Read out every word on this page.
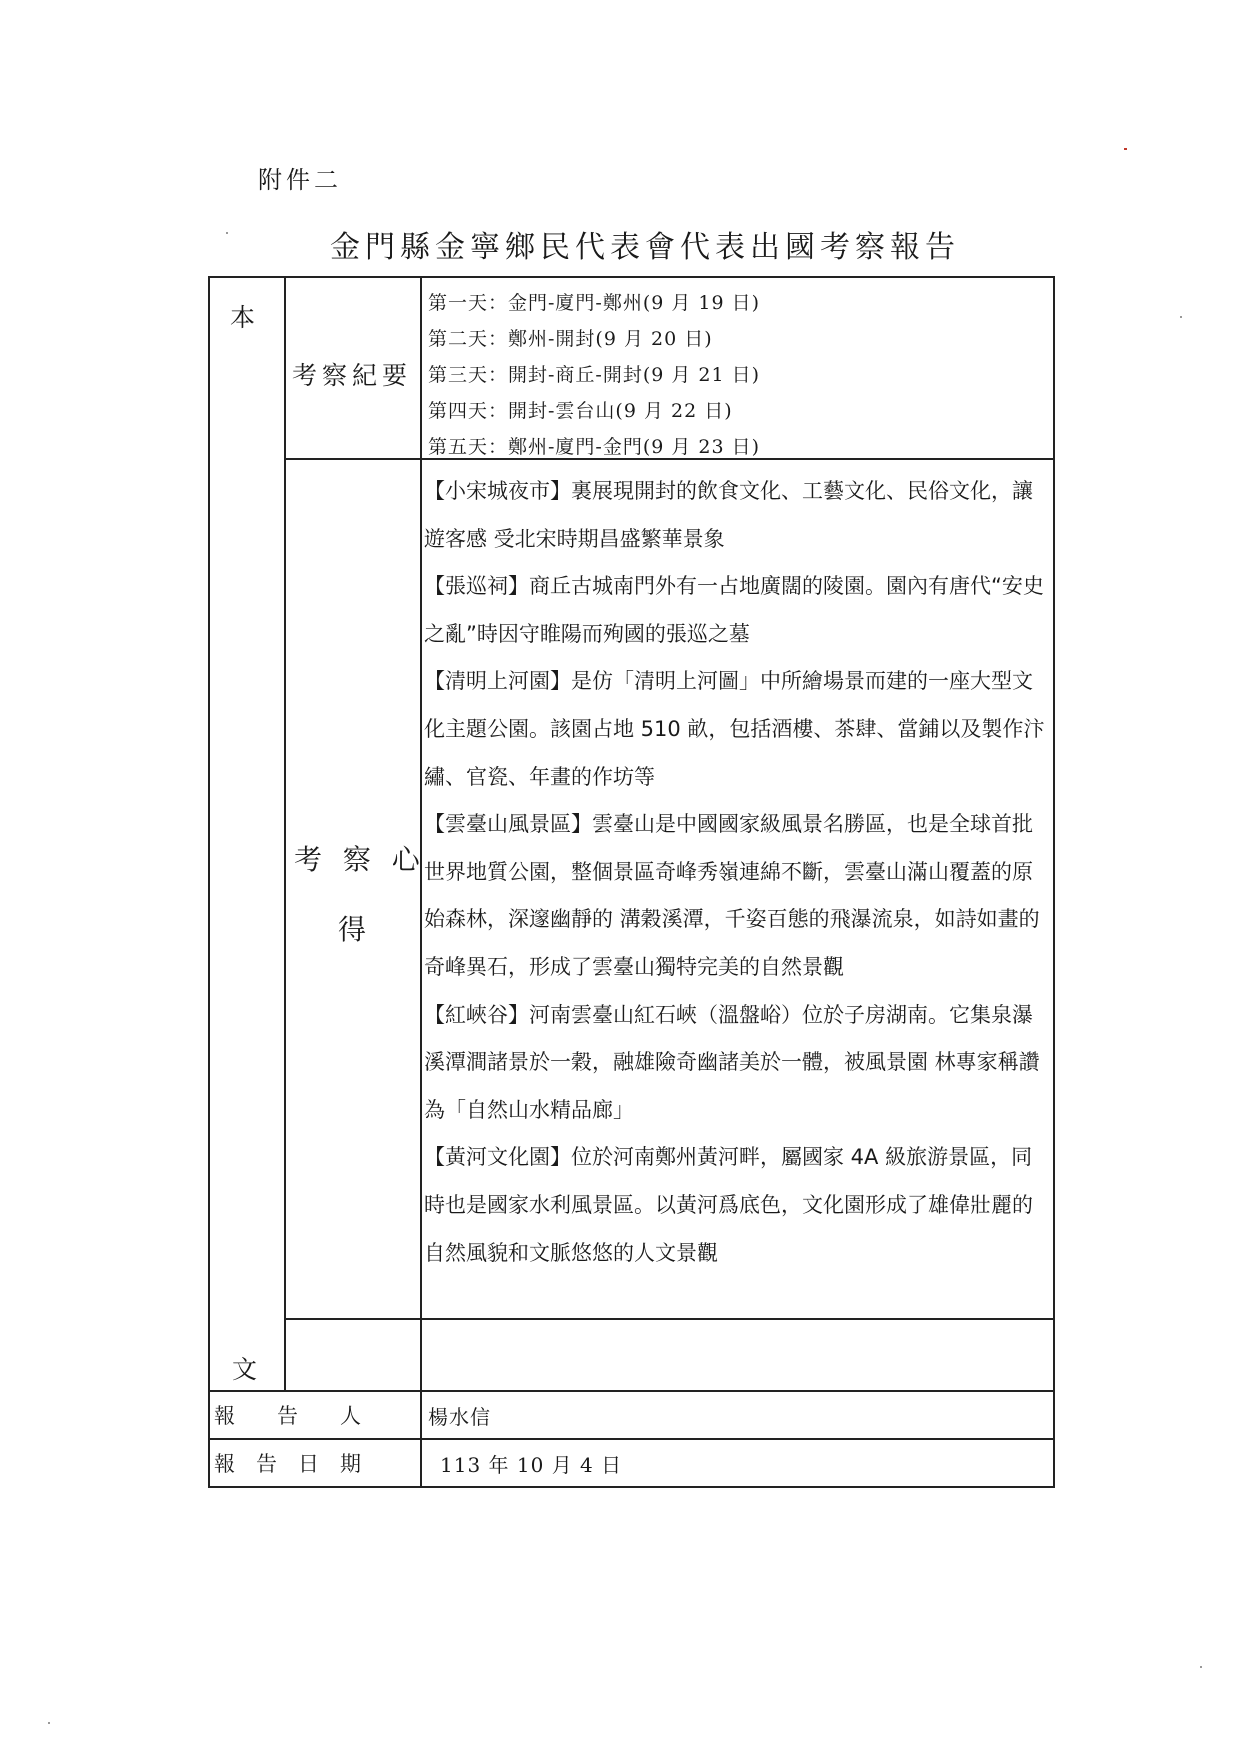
附件二
金門縣金寧鄉民代表會代表出國考察報告
本
文
考察紀要
第一天：金門-廈門-鄭州(9 月 19 日)
第二天：鄭州-開封(9 月 20 日)
第三天：開封-商丘-開封(9 月 21 日)
第四天：開封-雲台山(9 月 22 日)
第五天：鄭州-廈門-金門(9 月 23 日)
考 察 心
得

【小宋城夜市】裏展現開封的飲食文化、工藝文化、民俗文化，讓遊客感 受北宋時期昌盛繁華景象

【張巡祠】商丘古城南門外有一占地廣闊的陵園。園內有唐代“安史之亂”時因守睢陽而殉國的張巡之墓

【清明上河園】是仿「清明上河圖」中所繪場景而建的一座大型文化主題公園。該園占地 510 畝，包括酒樓、茶肆、當鋪以及製作汴繡、官瓷、年畫的作坊等

【雲臺山風景區】雲臺山是中國國家級風景名勝區，也是全球首批世界地質公園，整個景區奇峰秀嶺連綿不斷，雲臺山滿山覆蓋的原始森林，深邃幽靜的 溝穀溪潭，千姿百態的飛瀑流泉，如詩如畫的奇峰異石，形成了雲臺山獨特完美的自然景觀

【紅峽谷】河南雲臺山紅石峽（溫盤峪）位於子房湖南。它集泉瀑溪潭澗諸景於一穀，融雄險奇幽諸美於一體，被風景園 林專家稱讚為「自然山水精品廊」

【黃河文化園】位於河南鄭州黃河畔，屬國家 4A 級旅游景區，同時也是國家水利風景區。以黃河爲底色，文化園形成了雄偉壯麗的自然風貌和文脈悠悠的人文景觀

報　　告　　人	楊水信
報　告　日　期	113 年 10 月 4 日
